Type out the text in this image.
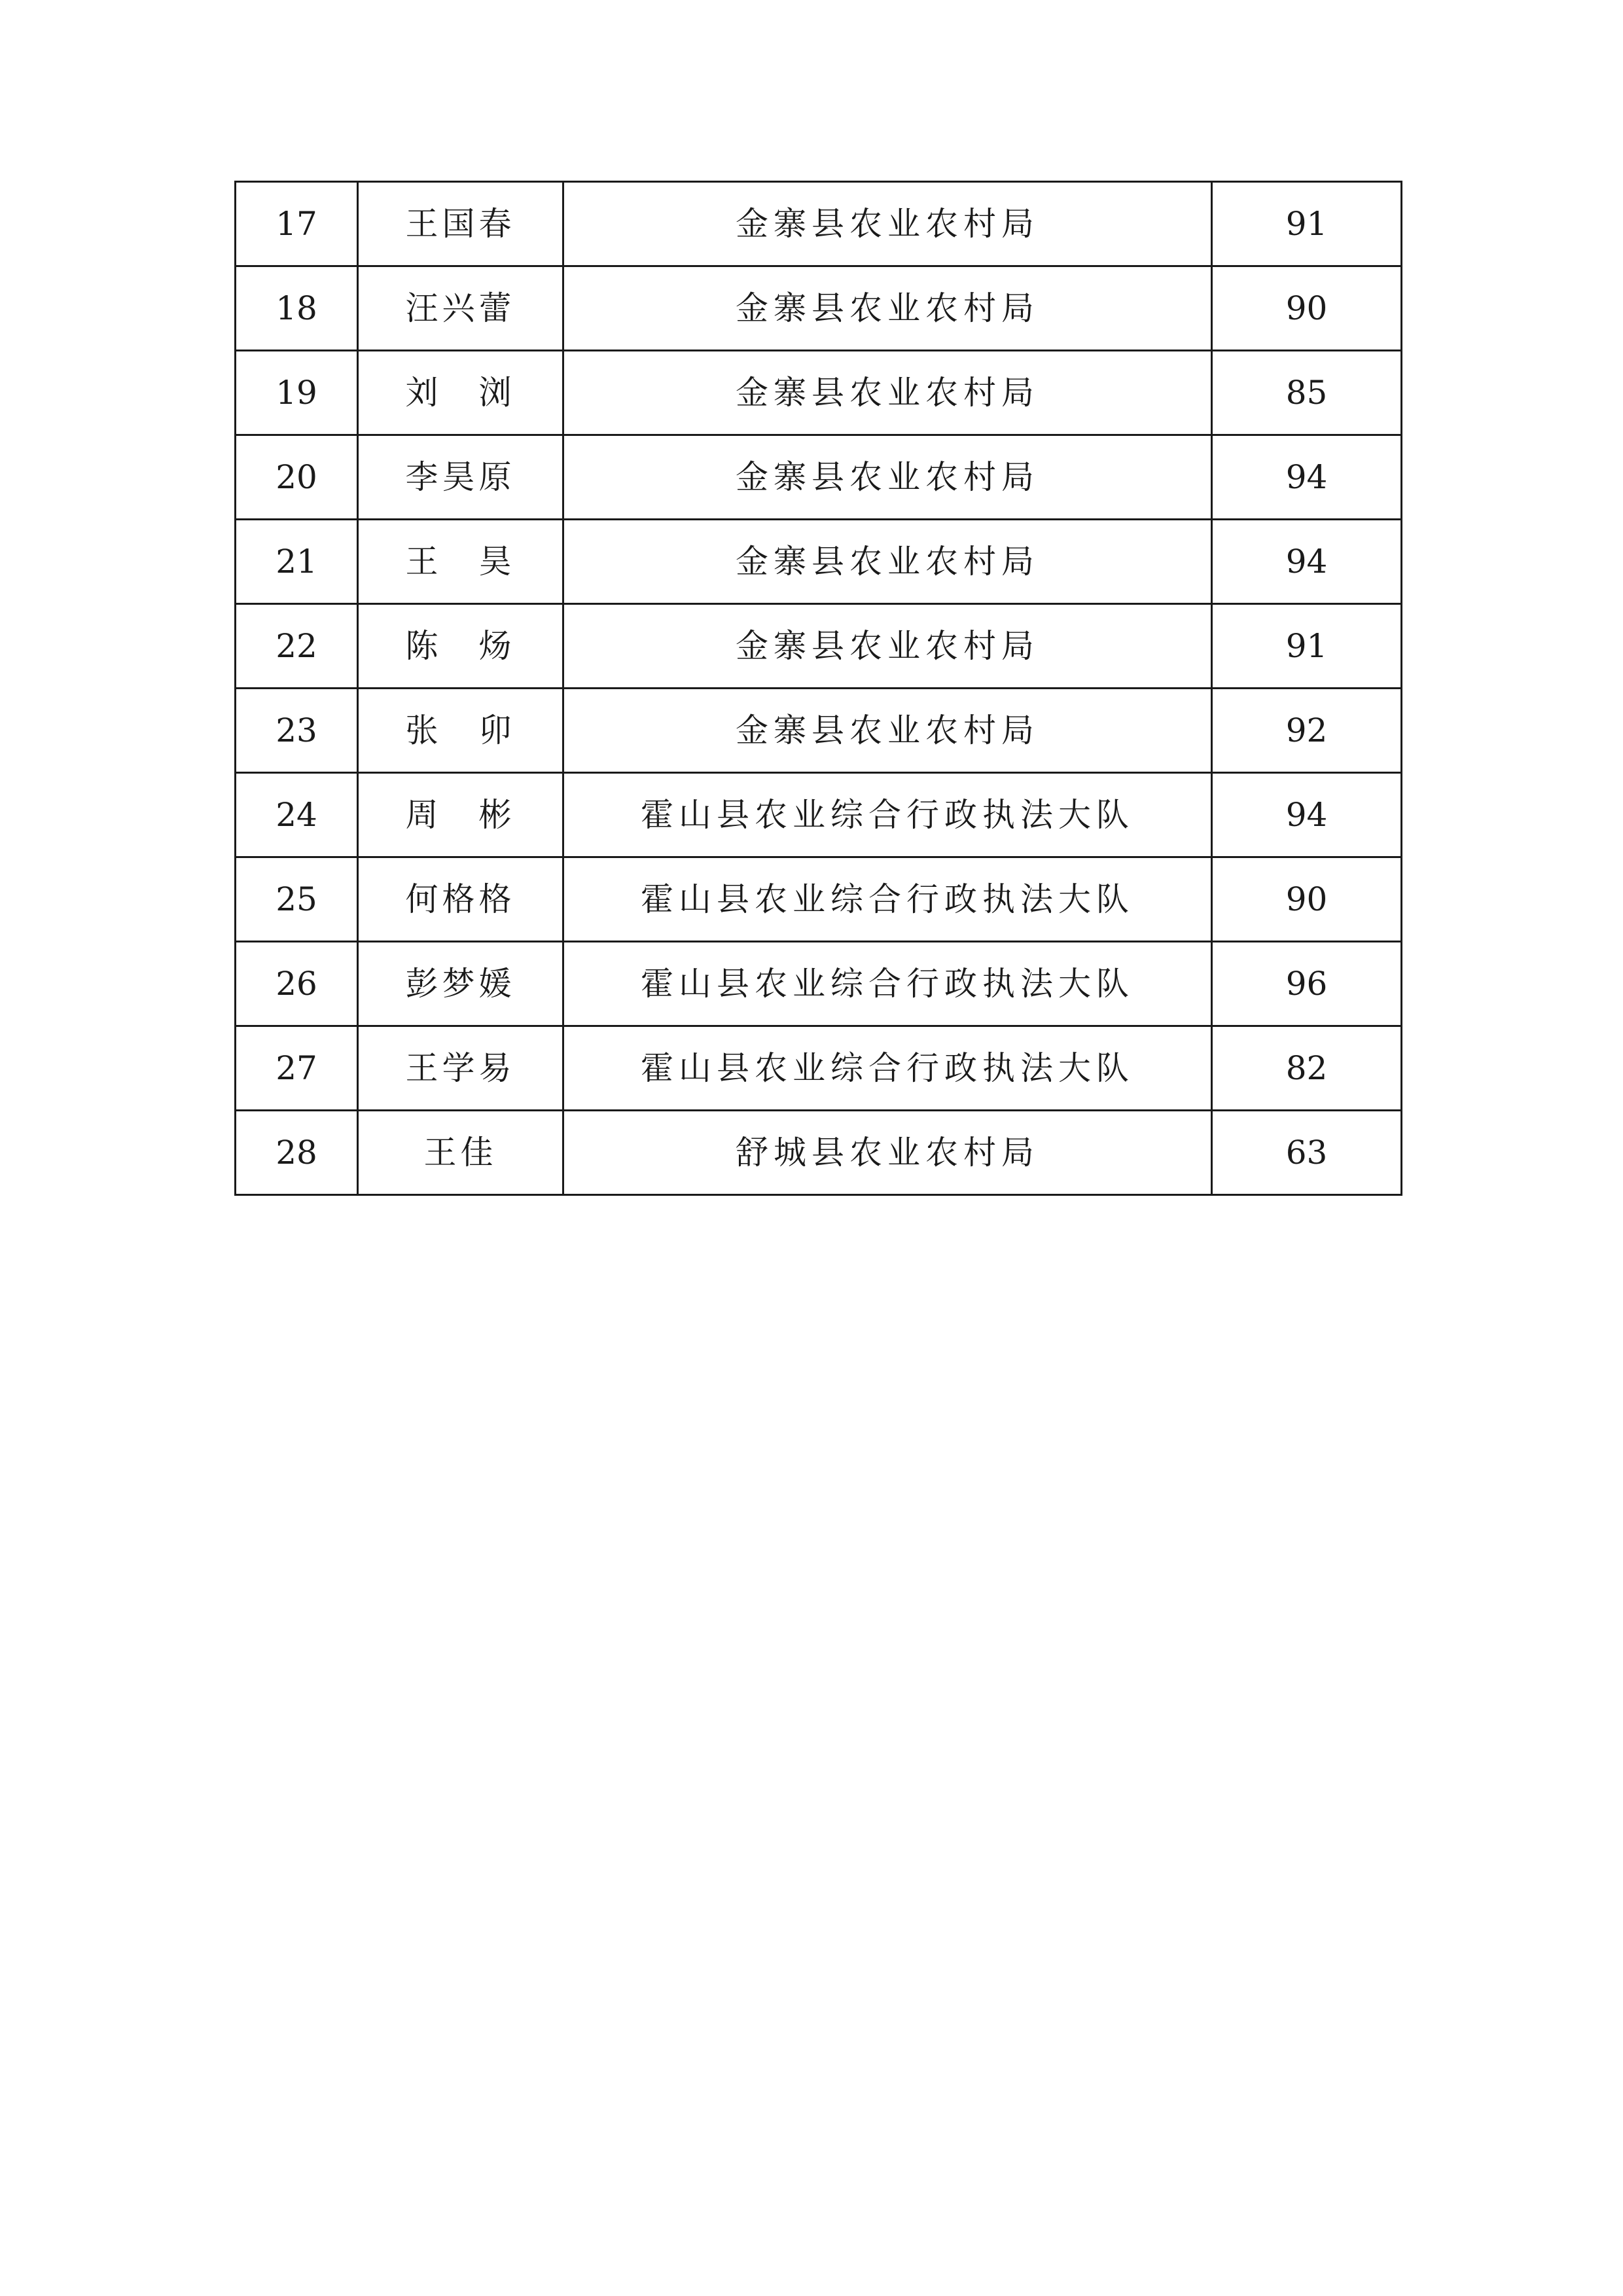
17	王国春	金寨县农业农村局	91
18	汪兴蕾	金寨县农业农村局	90
19	刘　浏	金寨县农业农村局	85
20	李昊原	金寨县农业农村局	94
21	王　昊	金寨县农业农村局	94
22	陈　炀	金寨县农业农村局	91
23	张　卯	金寨县农业农村局	92
24	周　彬	霍山县农业综合行政执法大队	94
25	何格格	霍山县农业综合行政执法大队	90
26	彭梦媛	霍山县农业综合行政执法大队	96
27	王学易	霍山县农业综合行政执法大队	82
28	王佳	舒城县农业农村局	63
